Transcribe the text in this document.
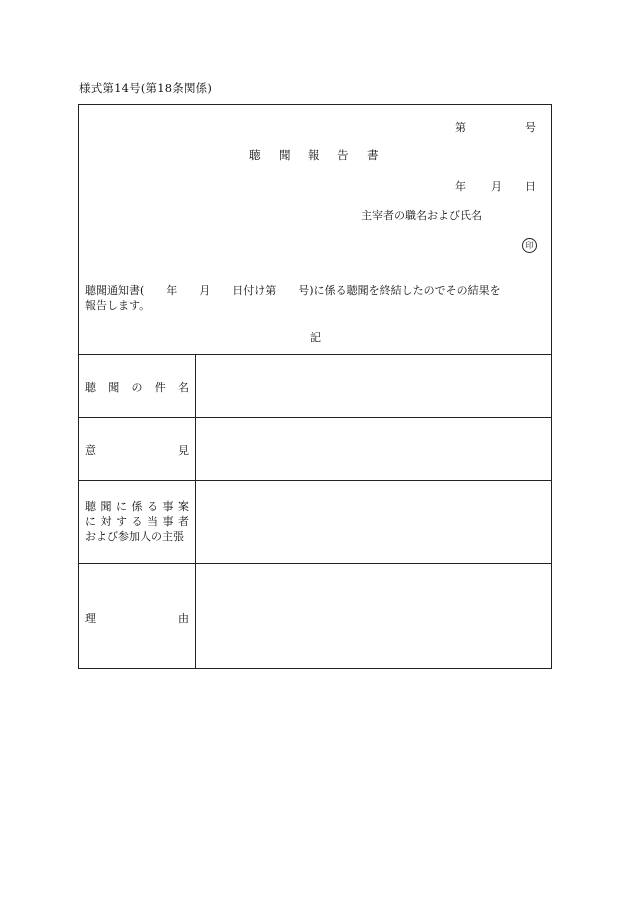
様式第14号(第18条関係)
第	号
聴 聞 報 告 書
年 月 日
主宰者の職名および氏名
印
聴聞通知書(　　年　　月　　日付け第　　号)に係る聴聞を終結したのでその結果を
報告します。
記
聴 聞 の 件 名
意	見
聴 聞 に 係 る 事 案
に 対 す る 当 事 者
および参加人の主張
理	由
